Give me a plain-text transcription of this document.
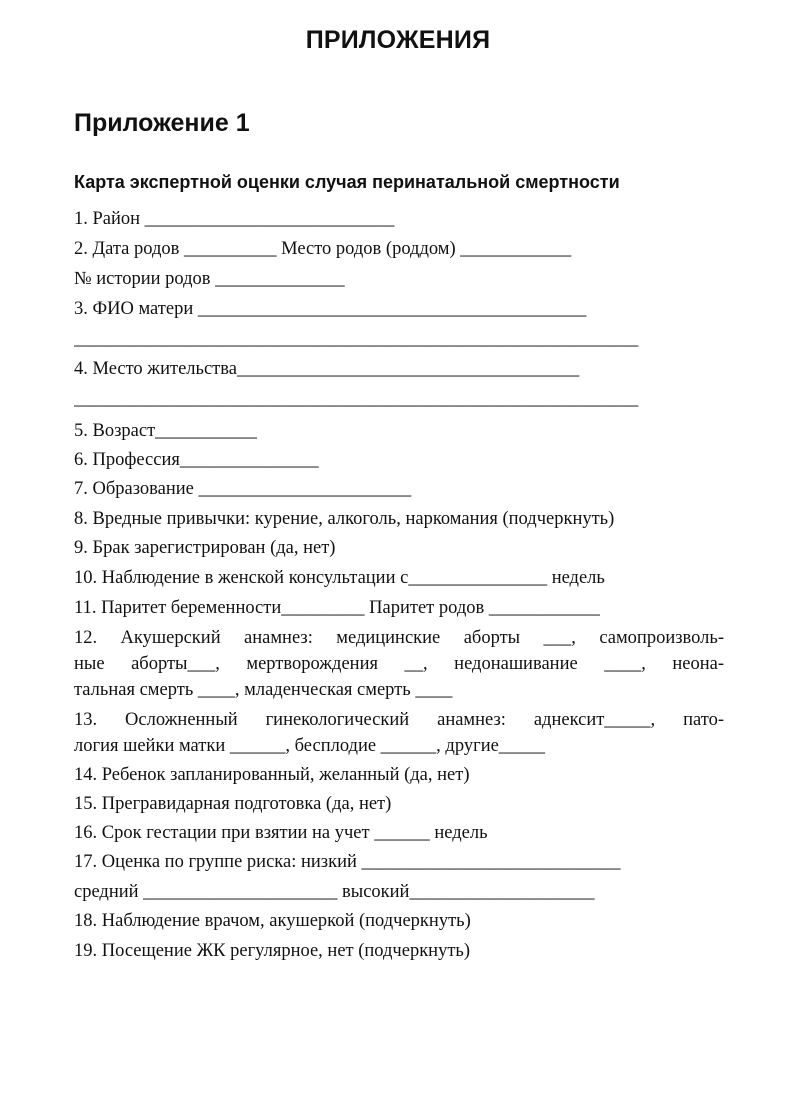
ПРИЛОЖЕНИЯ
Приложение 1
Карта экспертной оценки случая перинатальной смертности
1. Район ___________________________
2. Дата родов __________ Место родов (роддом) ____________
№ истории родов ______________
3. ФИО матери __________________________________________
_____________________________________________________________
4. Место жительства_____________________________________
_____________________________________________________________
5. Возраст___________
6. Профессия_______________
7. Образование _______________________
8. Вредные привычки: курение, алкоголь, наркомания (подчеркнуть)
9. Брак зарегистрирован (да, нет)
10. Наблюдение в женской консультации с_______________ недель
11. Паритет беременности_________ Паритет родов ____________
12. Акушерский анамнез: медицинские аборты ___, самопроизволь-
ные аборты___, мертворождения __, недонашивание ____, неона-
тальная смерть ____, младенческая смерть ____
13. Осложненный гинекологический анамнез: аднексит_____, пато-
логия шейки матки ______, бесплодие ______, другие_____
14. Ребенок запланированный, желанный (да, нет)
15. Прегравидарная подготовка (да, нет)
16. Срок гестации при взятии на учет ______ недель
17. Оценка по группе риска: низкий ____________________________
средний _____________________ высокий____________________
18. Наблюдение врачом, акушеркой (подчеркнуть)
19. Посещение ЖК регулярное, нет (подчеркнуть)
